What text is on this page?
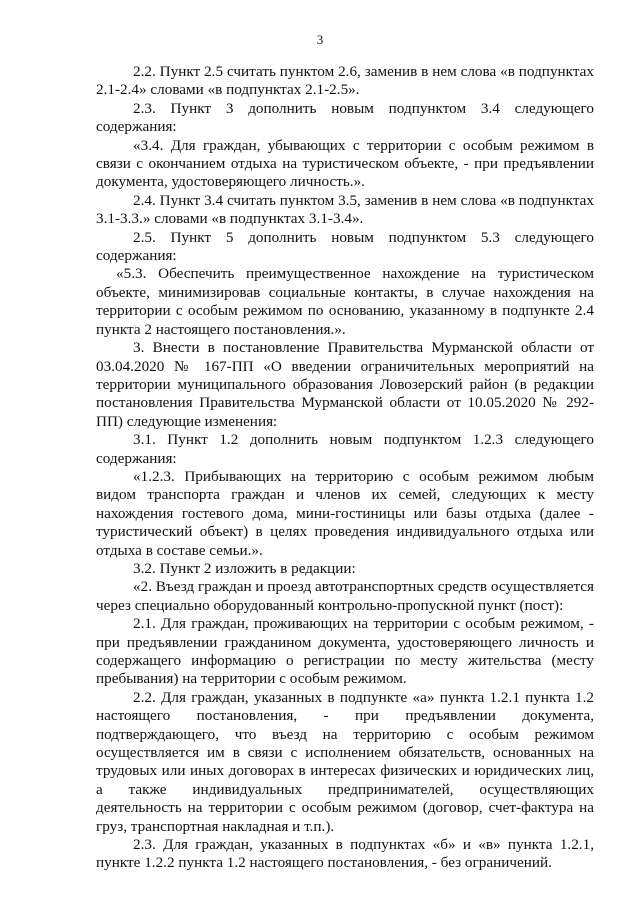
3

2.2. Пункт 2.5 считать пунктом 2.6, заменив в нем слова «в подпунктах 2.1-2.4» словами «в подпунктах 2.1-2.5».

2.3. Пункт 3 дополнить новым подпунктом 3.4 следующего содержания:

«3.4. Для граждан, убывающих с территории с особым режимом в связи с окончанием отдыха на туристическом объекте, - при предъявлении документа, удостоверяющего личность.».

2.4. Пункт 3.4 считать пунктом 3.5, заменив в нем слова «в подпунктах 3.1-3.3.» словами «в подпунктах 3.1-3.4».

2.5. Пункт 5 дополнить новым подпунктом 5.3 следующего содержания:

«5.3. Обеспечить преимущественное нахождение на туристическом объекте, минимизировав социальные контакты, в случае нахождения на территории с особым режимом по основанию, указанному в подпункте 2.4 пункта 2 настоящего постановления.».

3. Внести в постановление Правительства Мурманской области от 03.04.2020 № 167-ПП «О введении ограничительных мероприятий на территории муниципального образования Ловозерский район (в редакции постановления Правительства Мурманской области от 10.05.2020 № 292-ПП) следующие изменения:

3.1. Пункт 1.2 дополнить новым подпунктом 1.2.3 следующего содержания:

«1.2.3. Прибывающих на территорию с особым режимом любым видом транспорта граждан и членов их семей, следующих к месту нахождения гостевого дома, мини-гостиницы или базы отдыха (далее - туристический объект) в целях проведения индивидуального отдыха или отдыха в составе семьи.».

3.2. Пункт 2 изложить в редакции:

«2. Въезд граждан и проезд автотранспортных средств осуществляется через специально оборудованный контрольно-пропускной пункт (пост):

2.1. Для граждан, проживающих на территории с особым режимом, - при предъявлении гражданином документа, удостоверяющего личность и содержащего информацию о регистрации по месту жительства (месту пребывания) на территории с особым режимом.

2.2. Для граждан, указанных в подпункте «а» пункта 1.2.1 пункта 1.2 настоящего постановления, - при предъявлении документа, подтверждающего, что въезд на территорию с особым режимом осуществляется им в связи с исполнением обязательств, основанных на трудовых или иных договорах в интересах физических и юридических лиц, а также индивидуальных предпринимателей, осуществляющих деятельность на территории с особым режимом (договор, счет-фактура на груз, транспортная накладная и т.п.).

2.3. Для граждан, указанных в подпунктах «б» и «в» пункта 1.2.1, пункте 1.2.2 пункта 1.2 настоящего постановления, - без ограничений.
